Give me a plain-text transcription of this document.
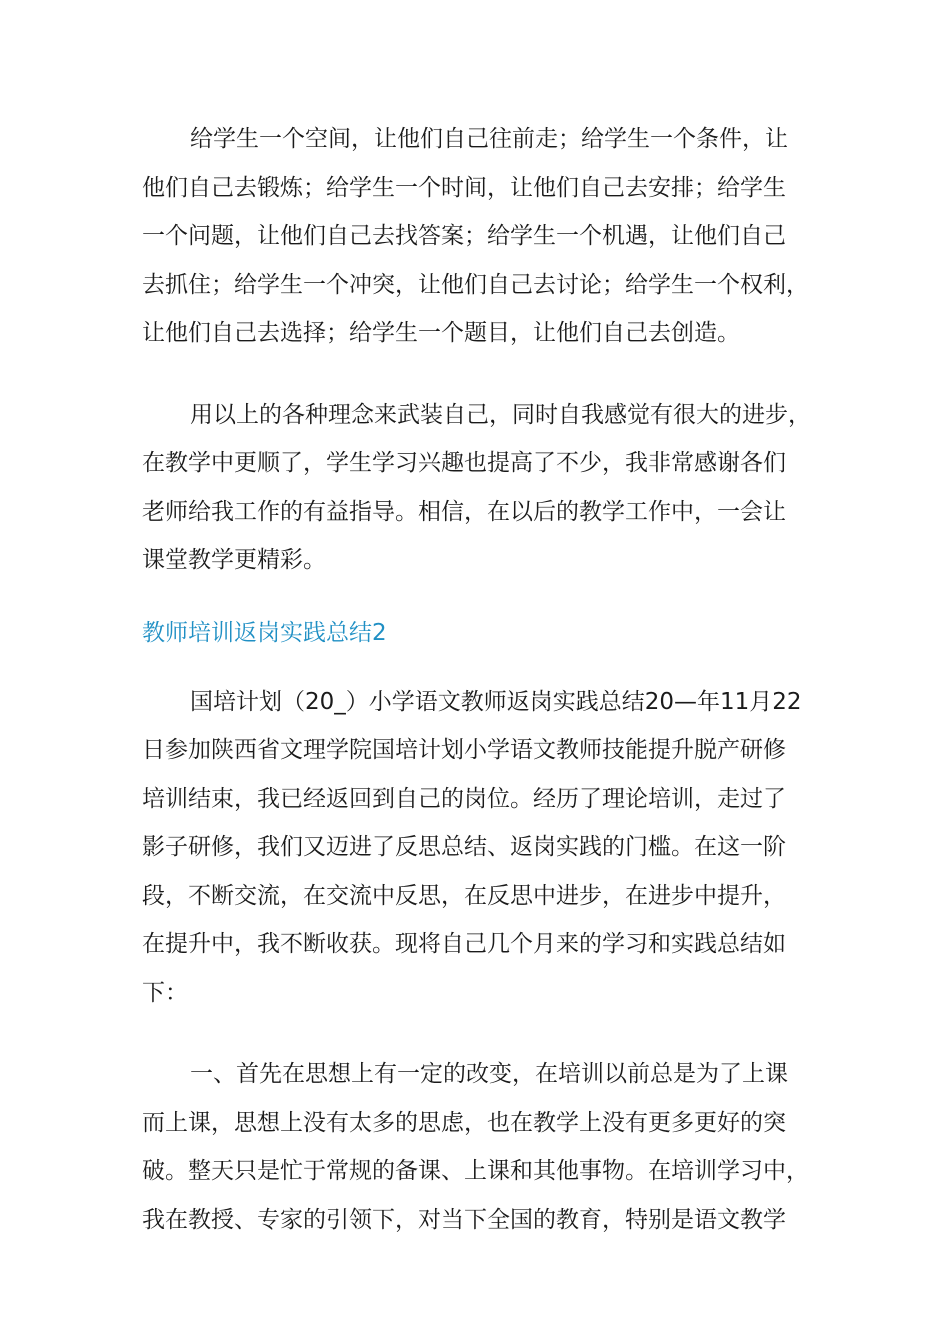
给学生一个空间，让他们自己往前走；给学生一个条件，让
他们自己去锻炼；给学生一个时间，让他们自己去安排；给学生
一个问题，让他们自己去找答案；给学生一个机遇，让他们自己
去抓住；给学生一个冲突，让他们自己去讨论；给学生一个权利，
让他们自己去选择；给学生一个题目，让他们自己去创造。
用以上的各种理念来武装自己，同时自我感觉有很大的进步，
在教学中更顺了，学生学习兴趣也提高了不少，我非常感谢各们
老师给我工作的有益指导。相信，在以后的教学工作中，一会让
课堂教学更精彩。
教师培训返岗实践总结2
国培计划（20_）小学语文教师返岗实践总结20—年11月22
日参加陕西省文理学院国培计划小学语文教师技能提升脱产研修
培训结束，我已经返回到自己的岗位。经历了理论培训，走过了
影子研修，我们又迈进了反思总结、返岗实践的门槛。在这一阶
段，不断交流，在交流中反思，在反思中进步，在进步中提升，
在提升中，我不断收获。现将自己几个月来的学习和实践总结如
下：
一、首先在思想上有一定的改变，在培训以前总是为了上课
而上课，思想上没有太多的思虑，也在教学上没有更多更好的突
破。整天只是忙于常规的备课、上课和其他事物。在培训学习中，
我在教授、专家的引领下，对当下全国的教育，特别是语文教学
